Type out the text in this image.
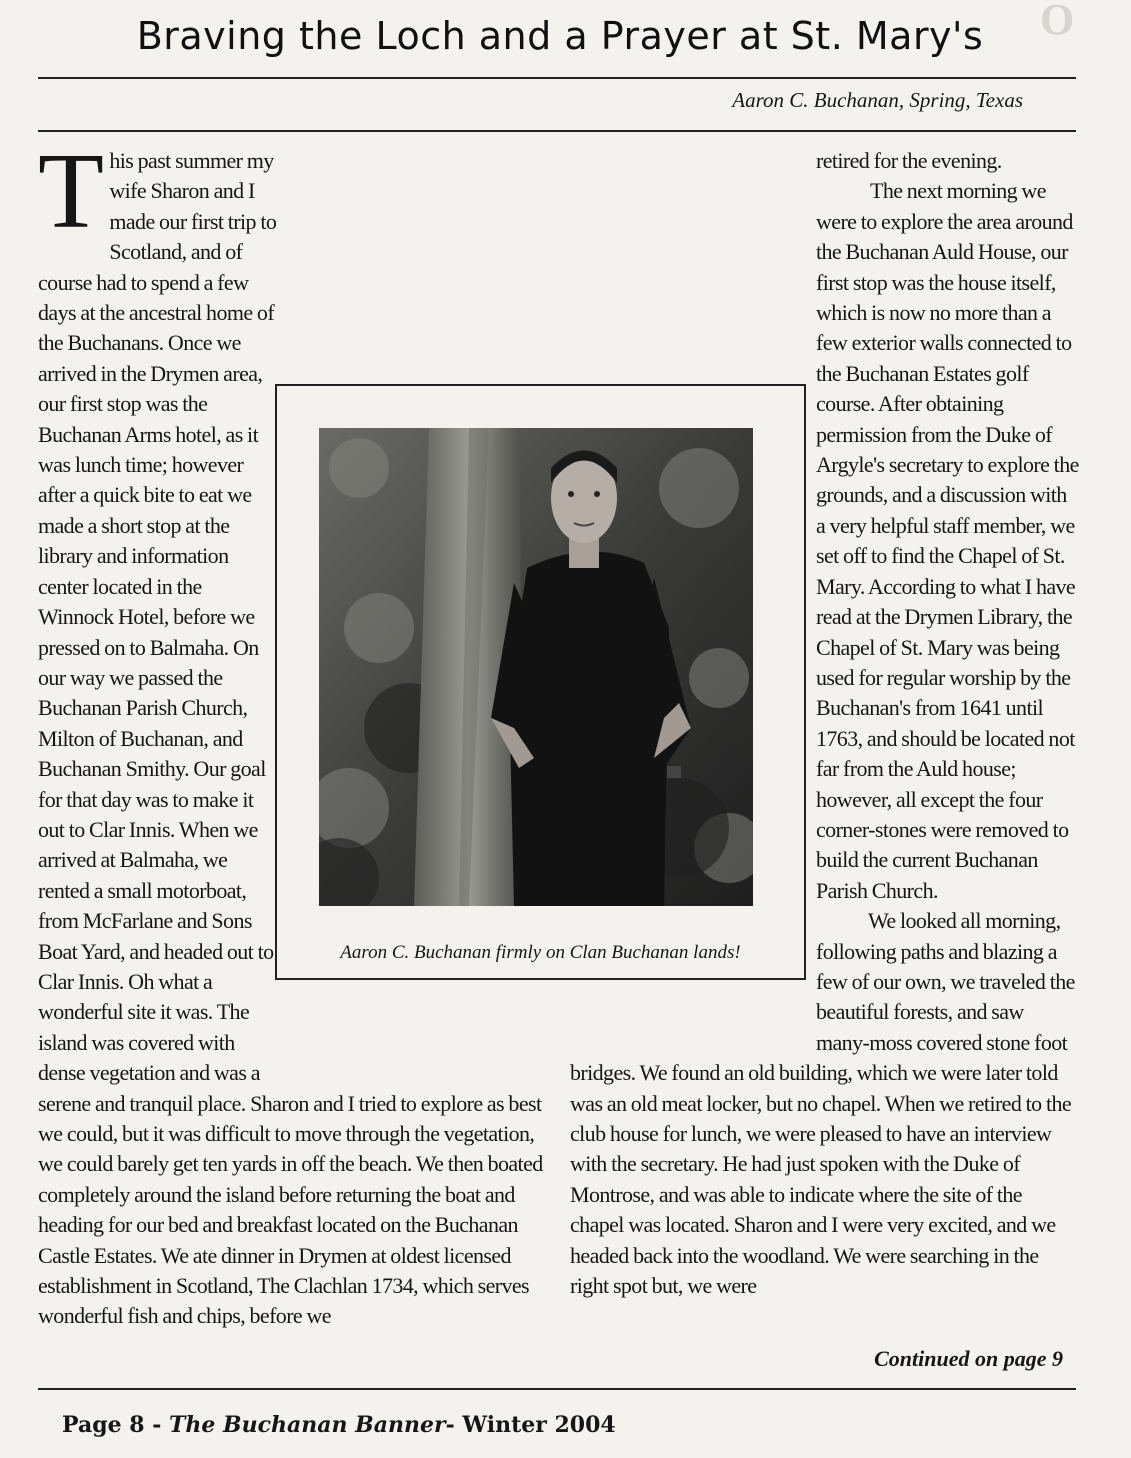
O
Braving the Loch and a Prayer at St. Mary's
Aaron C. Buchanan, Spring, Texas
T his past summer my wife Sharon and I made our first trip to Scotland, and of course had to spend a few days at the ancestral home of the Buchanans. Once we arrived in the Drymen area, our first stop was the Buchanan Arms hotel, as it was lunch time; however after a quick bite to eat we made a short stop at the library and information center located in the Winnock Hotel, before we pressed on to Balmaha. On our way we passed the Buchanan Parish Church, Milton of Buchanan, and Buchanan Smithy. Our goal for that day was to make it out to Clar Innis. When we arrived at Balmaha, we rented a small motorboat, from McFarlane and Sons Boat Yard, and headed out to Clar Innis. Oh what a wonderful site it was. The island was covered with dense vegetation and was a serene and tranquil place. Sharon and I tried to explore as best we could, but it was difficult to move through the vegetation, we could barely get ten yards in off the beach. We then boated completely around the island before returning the boat and heading for our bed and breakfast located on the Buchanan Castle Estates. We ate dinner in Drymen at oldest licensed establishment in Scotland, The Clachlan 1734, which serves wonderful fish and chips, before we

retired for the evening.

The next morning we were to explore the area around the Buchanan Auld House, our first stop was the house itself, which is now no more than a few exterior walls connected to the Buchanan Estates golf course. After obtaining permission from the Duke of Argyle's secretary to explore the grounds, and a discussion with a very helpful staff member, we set off to find the Chapel of St. Mary. According to what I have read at the Drymen Library, the Chapel of St. Mary was being used for regular worship by the Buchanan's from 1641 until 1763, and should be located not far from the Auld house; however, all except the four corner-stones were removed to build the current Buchanan Parish Church.

We looked all morning, following paths and blazing a few of our own, we traveled the beautiful forests, and saw many-moss covered stone foot bridges. We found an old building, which we were later told was an old meat locker, but no chapel. When we retired to the club house for lunch, we were pleased to have an interview with the secretary. He had just spoken with the Duke of Montrose, and was able to indicate where the site of the chapel was located. Sharon and I were very excited, and we headed back into the woodland. We were searching in the right spot but, we were

Aaron C. Buchanan firmly on Clan Buchanan lands!
Continued on page 9
Page 8 - The Buchanan Banner- Winter 2004
